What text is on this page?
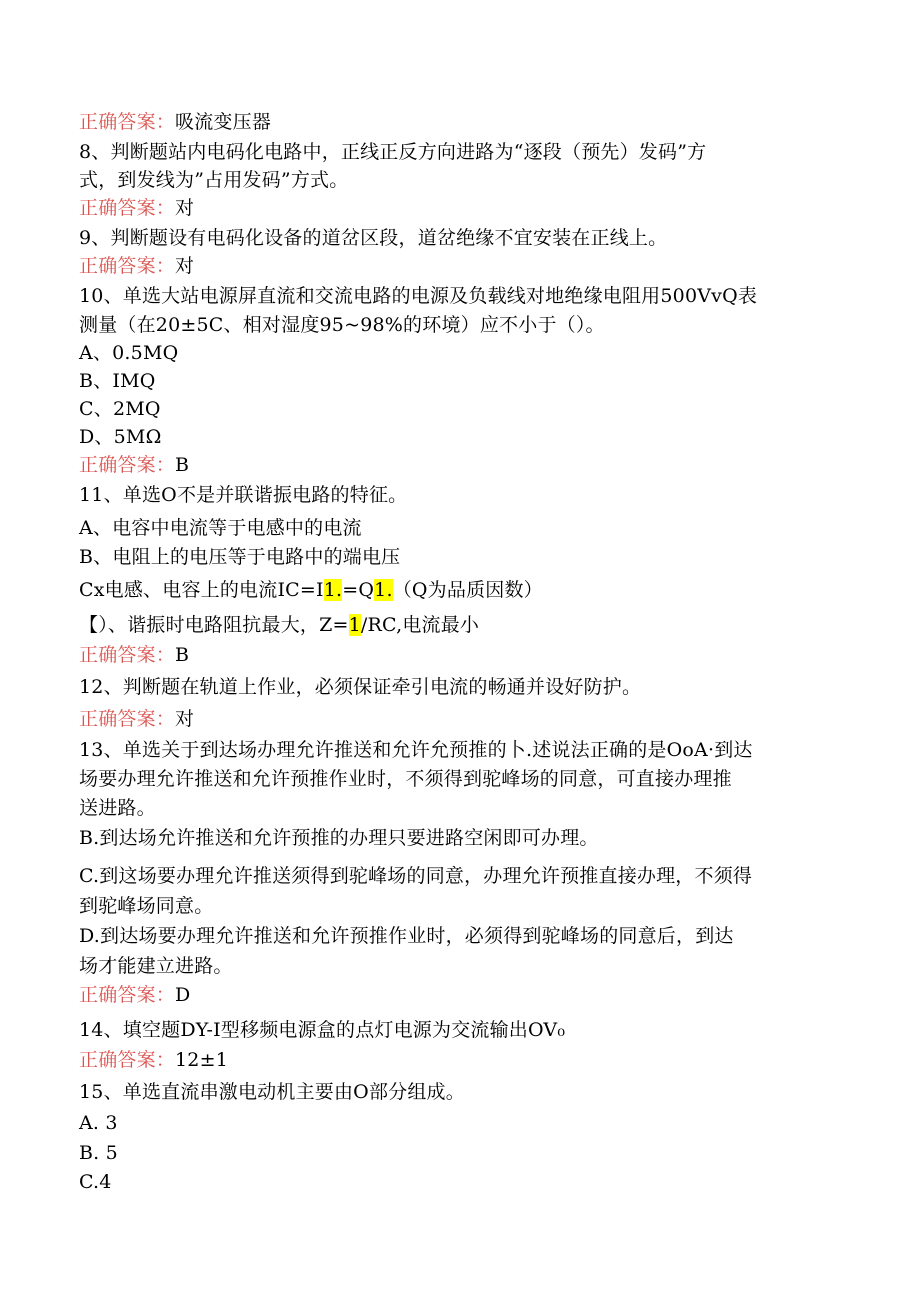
正确答案：吸流变压器
8、判断题站内电码化电路中，正线正反方向进路为“逐段（预先）发码”方
式，到发线为”占用发码”方式。
正确答案：对
9、判断题设有电码化设备的道岔区段，道岔绝缘不宜安装在正线上。
正确答案：对
10、单选大站电源屏直流和交流电路的电源及负载线对地绝缘电阻用500VvQ表
测量（在20±5C、相对湿度95~98%的环境）应不小于（）。
A、0.5MQ
B、IMQ
C、2MQ
D、5MΩ
正确答案：B
11、单选O不是并联谐振电路的特征。
A、电容中电流等于电感中的电流
B、电阻上的电压等于电路中的端电压
Cx电感、电容上的电流IC=I1.=Q1.（Q为品质因数）
【）、谐振时电路阻抗最大，Z=1/RC,电流最小
正确答案：B
12、判断题在轨道上作业，必须保证牵引电流的畅通并设好防护。
正确答案：对
13、单选关于到达场办理允许推送和允许允预推的卜.述说法正确的是OoA·到达
场要办理允许推送和允许预推作业时，不须得到驼峰场的同意，可直接办理推
送进路。
B.到达场允许推送和允许预推的办理只要进路空闲即可办理。
C.到这场要办理允许推送须得到驼峰场的同意，办理允许预推直接办理，不须得
到驼峰场同意。
D.到达场要办理允许推送和允许预推作业时，必须得到驼峰场的同意后，到达
场才能建立进路。
正确答案：D
14、填空题DY-I型移频电源盒的点灯电源为交流输出OV₀
正确答案：12±1
15、单选直流串激电动机主要由O部分组成。
A. 3
B. 5
C.4
